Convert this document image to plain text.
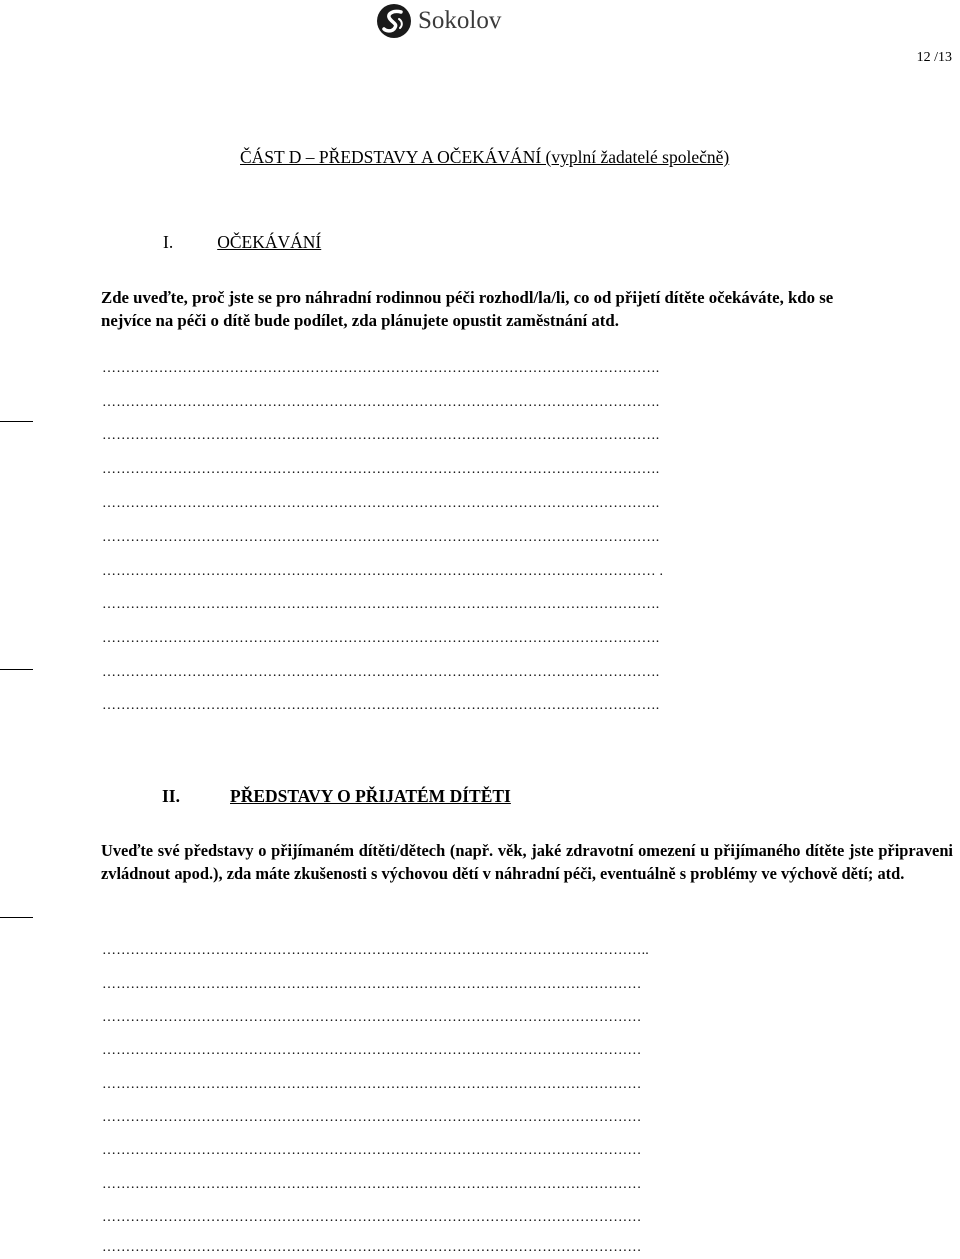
Sokolov
12 /13
ČÁST D – PŘEDSTAVY A OČEKÁVÁNÍ (vyplní žadatelé společně)
I.	OČEKÁVÁNÍ
Zde uveďte, proč jste se pro náhradní rodinnou péči rozhodl/la/li, co od přijetí dítěte očekáváte, kdo se
nejvíce na péči o dítě bude podílet, zda plánujete opustit zaměstnání atd.
……………………………………………………………………………………………………….
……………………………………………………………………………………………………….
……………………………………………………………………………………………………….
……………………………………………………………………………………………………….
……………………………………………………………………………………………………….
……………………………………………………………………………………………………….
……………………………………………………………………………………………………… .
……………………………………………………………………………………………………….
……………………………………………………………………………………………………….
……………………………………………………………………………………………………….
……………………………………………………………………………………………………….
II.	PŘEDSTAVY O PŘIJATÉM DÍTĚTI
Uveďte své představy o přijímaném dítěti/dětech (např. věk, jaké zdravotní omezení u přijímaného dítěte jste připraveni zvládnout apod.), zda máte zkušenosti s výchovou dětí v náhradní péči, eventuálně s problémy ve výchově dětí; atd.
……………………………………………………………………………………………………..
……………………………………………………………………………………………………
……………………………………………………………………………………………………
……………………………………………………………………………………………………
……………………………………………………………………………………………………
……………………………………………………………………………………………………
……………………………………………………………………………………………………
……………………………………………………………………………………………………
……………………………………………………………………………………………………
……………………………………………………………………………………………………
